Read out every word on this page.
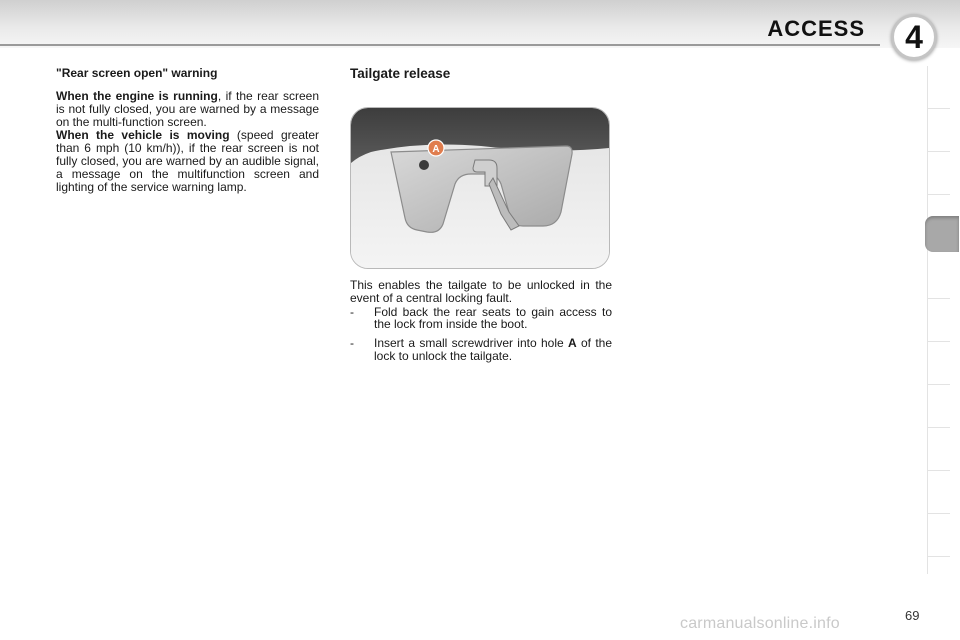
ACCESS 4
"Rear screen open" warning

When the engine is running, if the rear screen is not fully closed, you are warned by a message on the multi-function screen.

When the vehicle is moving (speed greater than 6 mph (10 km/h)), if the rear screen is not fully closed, you are warned by an audible signal, a message on the multifunction screen and lighting of the service warning lamp.

Tailgate release
A

This enables the tailgate to be unlocked in the event of a central locking fault.

-	Fold back the rear seats to gain access to the lock from inside the boot.
-	Insert a small screwdriver into hole A of the lock to unlock the tailgate.
carmanualsonline.info	69
